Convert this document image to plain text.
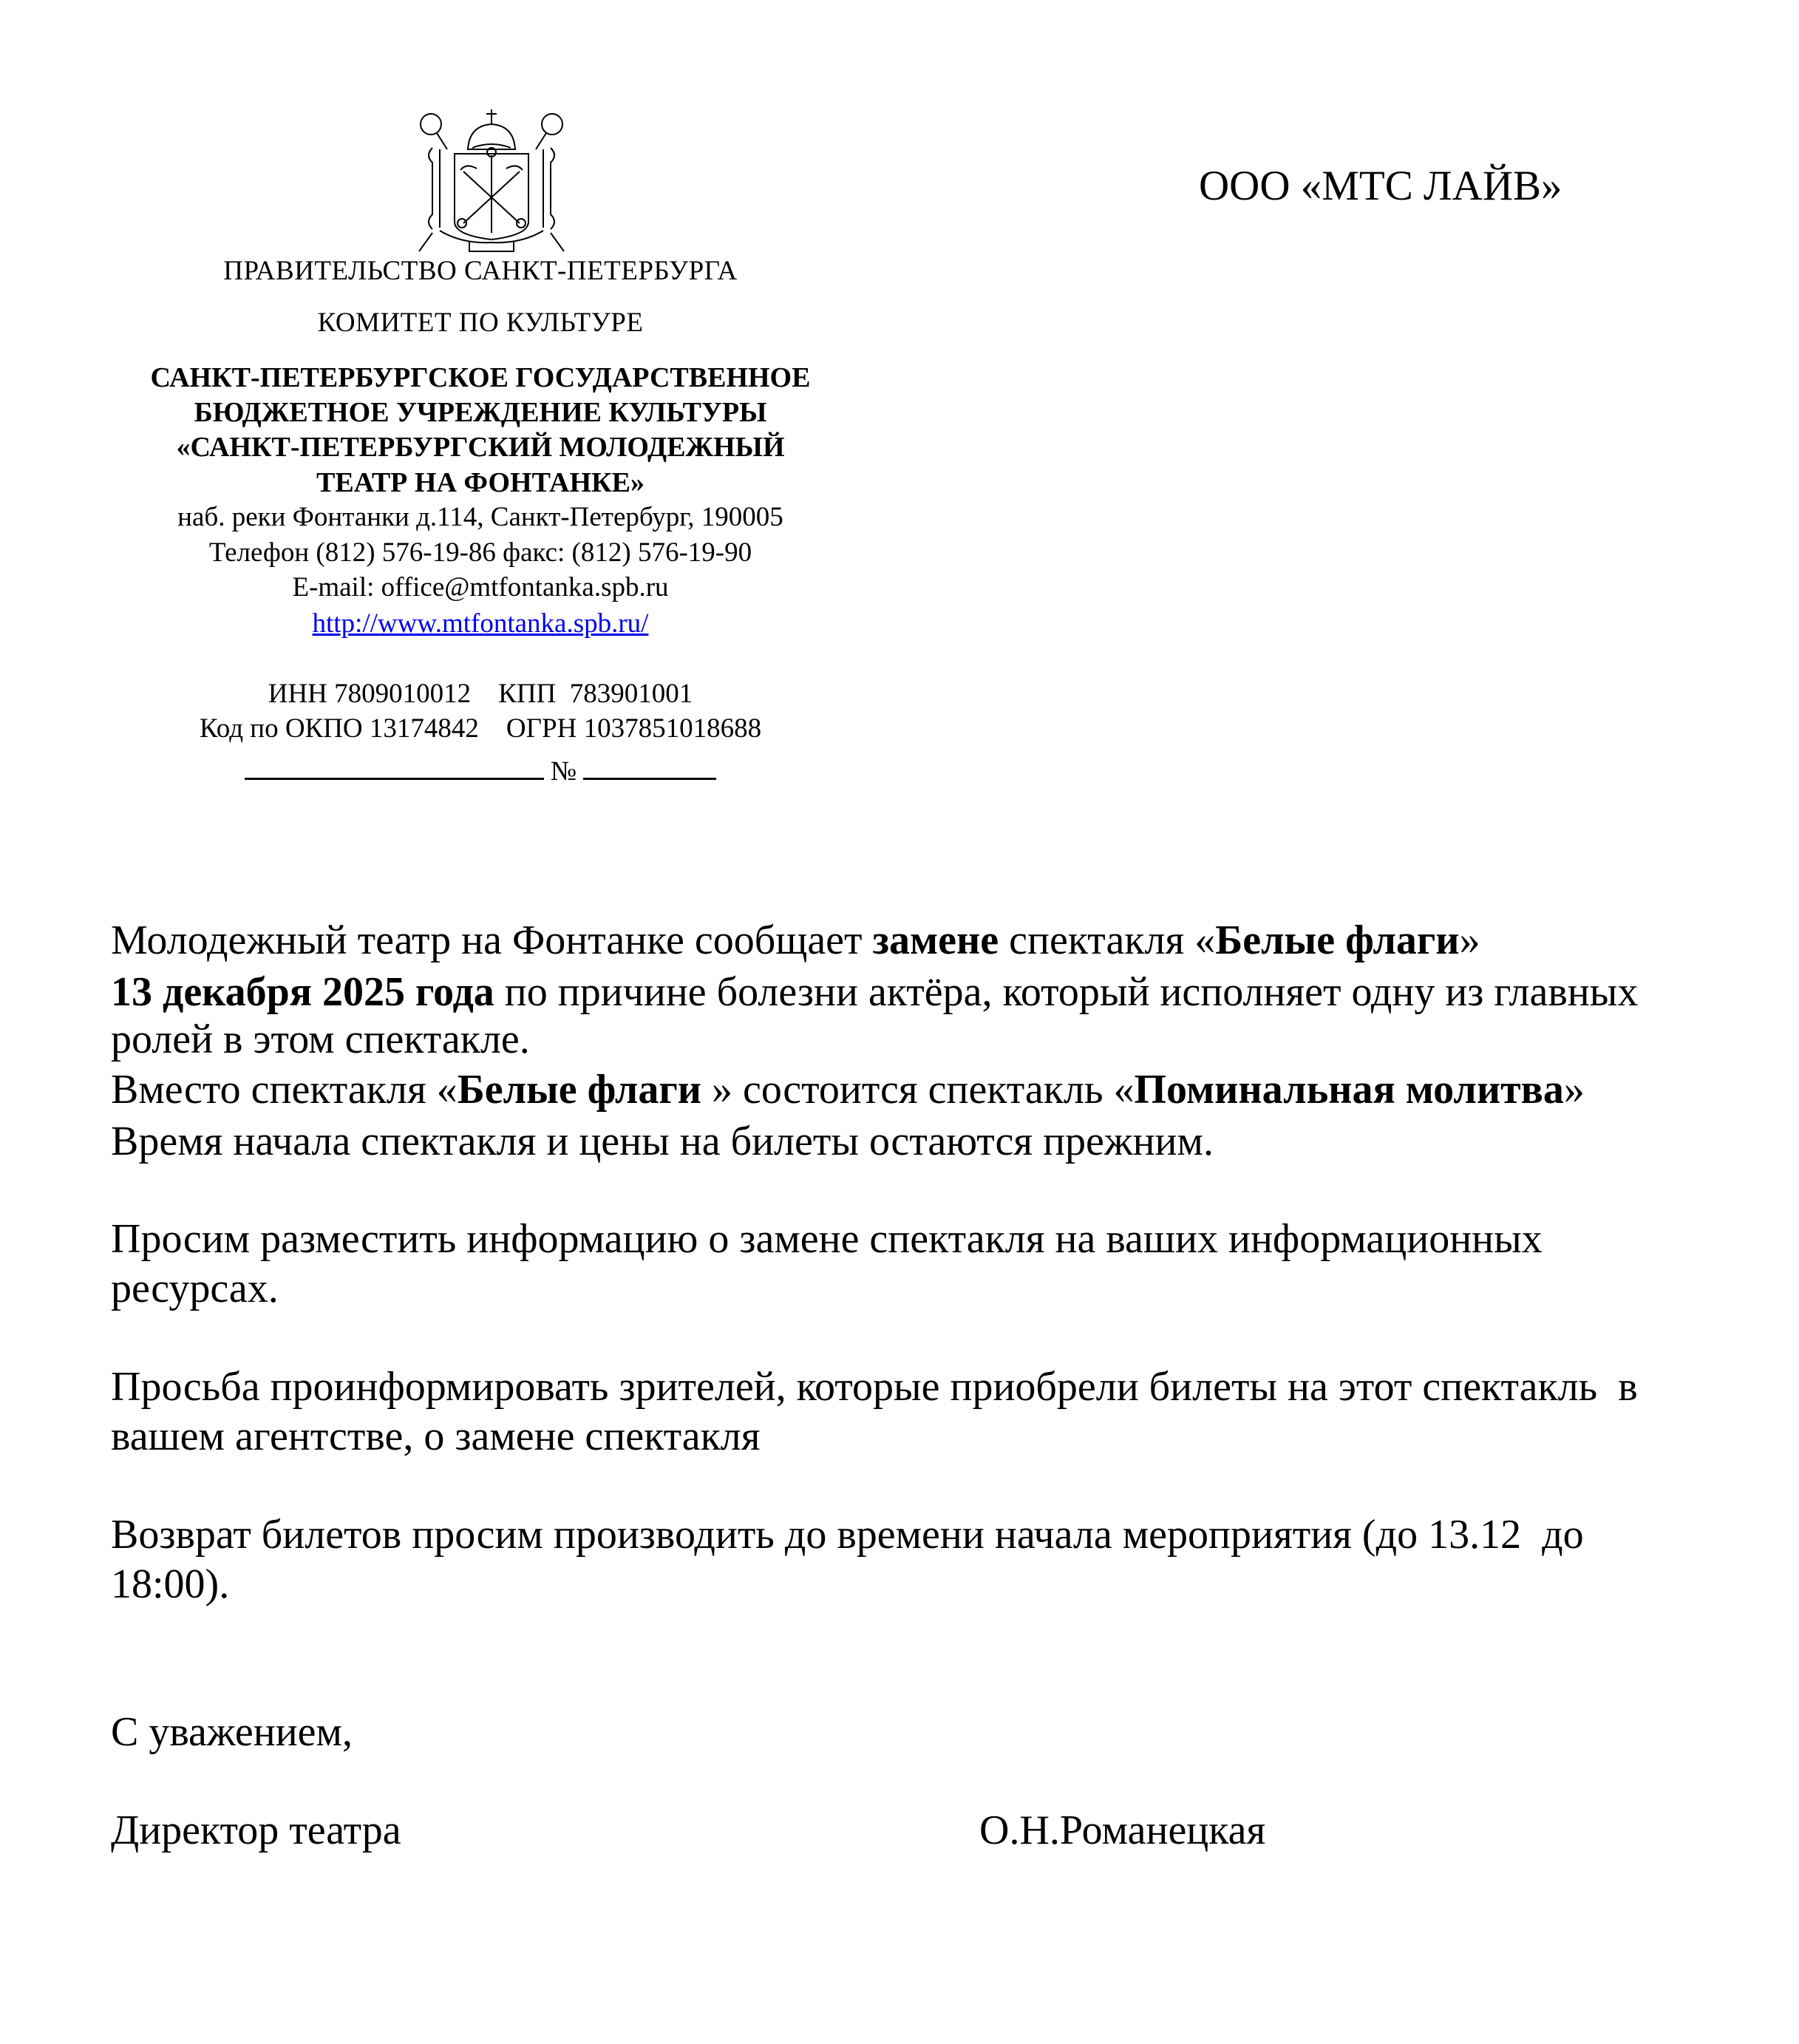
ООО «МТС ЛАЙВ»
ПРАВИТЕЛЬСТВО САНКТ-ПЕТЕРБУРГА
КОМИТЕТ ПО КУЛЬТУРЕ
САНКТ-ПЕТЕРБУРГСКОЕ ГОСУДАРСТВЕННОЕ
БЮДЖЕТНОЕ УЧРЕЖДЕНИЕ КУЛЬТУРЫ
«САНКТ-ПЕТЕРБУРГСКИЙ МОЛОДЕЖНЫЙ
ТЕАТР НА ФОНТАНКЕ»
наб. реки Фонтанки д.114, Санкт-Петербург, 190005
Телефон (812) 576-19-86 факс: (812) 576-19-90
E-mail: office@mtfontanka.spb.ru
http://www.mtfontanka.spb.ru/
ИНН 7809010012    КПП  783901001
Код по ОКПО 13174842    ОГРН 1037851018688
№
Молодежный театр на Фонтанке сообщает замене спектакля «Белые флаги»
13 декабря 2025 года по причине болезни актёра, который исполняет одну из главных
ролей в этом спектакле.
Вместо спектакля «Белые флаги » состоится спектакль «Поминальная молитва»
Время начала спектакля и цены на билеты остаются прежним.
Просим разместить информацию о замене спектакля на ваших информационных
ресурсах.
Просьба проинформировать зрителей, которые приобрели билеты на этот спектакль  в
вашем агентстве, о замене спектакля
Возврат билетов просим производить до времени начала мероприятия (до 13.12  до
18:00).
С уважением,
Директор театра	О.Н.Романецкая
